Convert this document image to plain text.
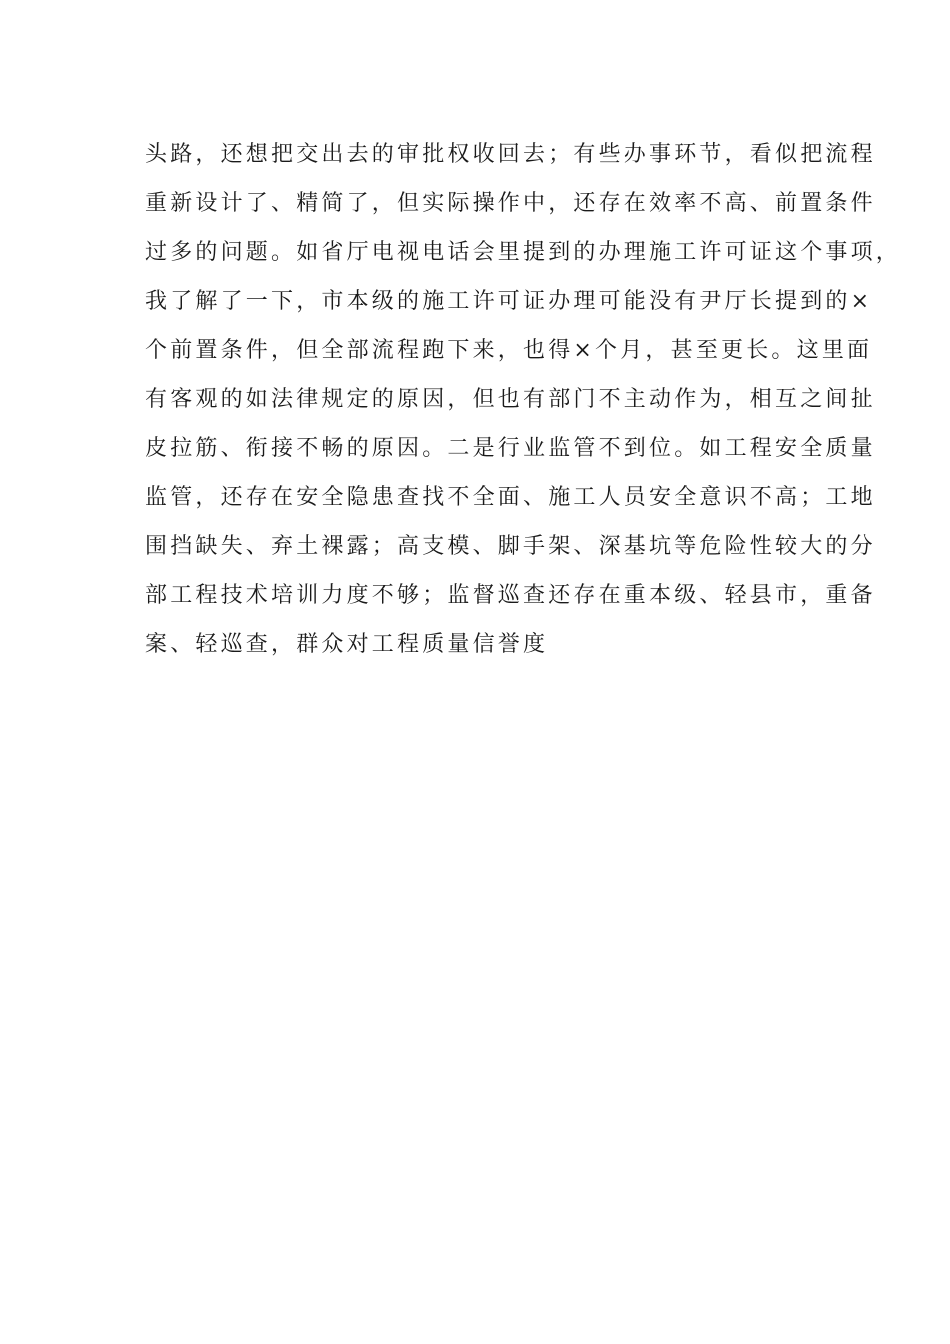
头路，还想把交出去的审批权收回去；有些办事环节，看似把流程
重新设计了、精简了，但实际操作中，还存在效率不高、前置条件
过多的问题。如省厅电视电话会里提到的办理施工许可证这个事项，
我了解了一下，市本级的施工许可证办理可能没有尹厅长提到的×
个前置条件，但全部流程跑下来，也得×个月，甚至更长。这里面
有客观的如法律规定的原因，但也有部门不主动作为，相互之间扯
皮拉筋、衔接不畅的原因。二是行业监管不到位。如工程安全质量
监管，还存在安全隐患查找不全面、施工人员安全意识不高；工地
围挡缺失、弃土裸露；高支模、脚手架、深基坑等危险性较大的分
部工程技术培训力度不够；监督巡查还存在重本级、轻县市，重备
案、轻巡查，群众对工程质量信誉度
